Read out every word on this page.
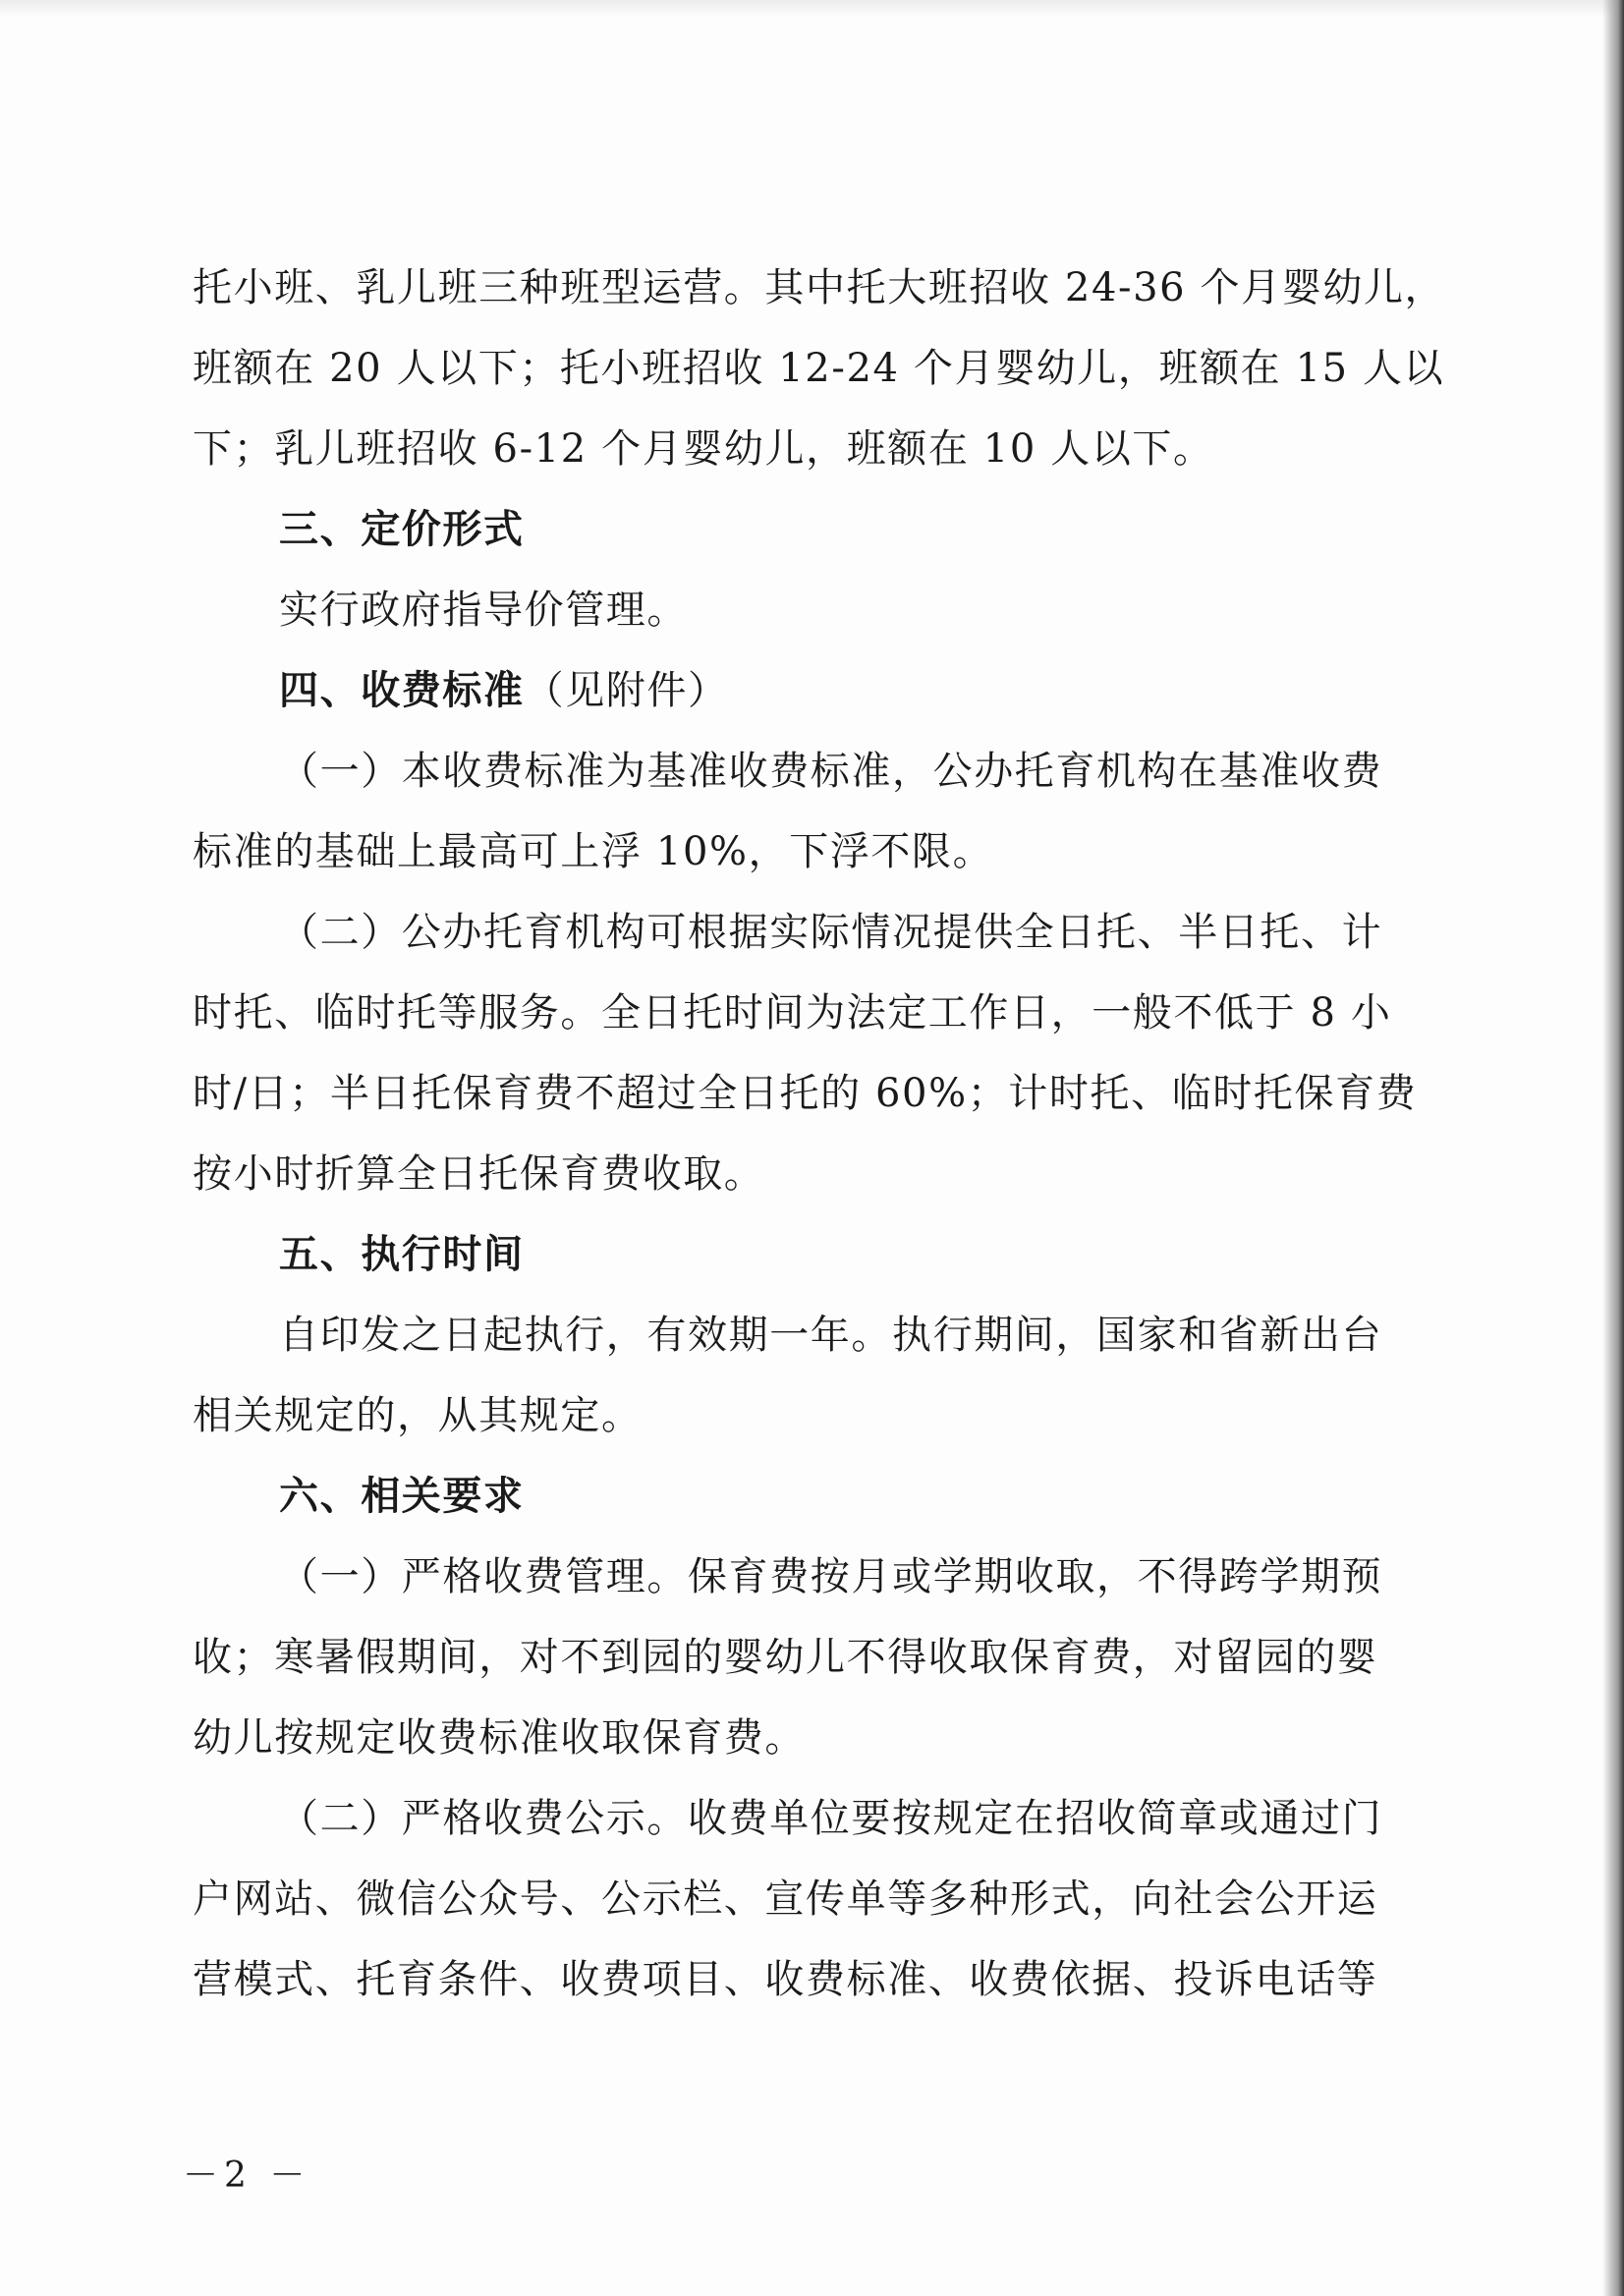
托小班、乳儿班三种班型运营。其中托大班招收 24-36 个月婴幼儿，
班额在 20 人以下；托小班招收 12-24 个月婴幼儿，班额在 15 人以
下；乳儿班招收 6-12 个月婴幼儿，班额在 10 人以下。
三、定价形式
实行政府指导价管理。
四、收费标准（见附件）
（一）本收费标准为基准收费标准，公办托育机构在基准收费
标准的基础上最高可上浮 10%，下浮不限。
（二）公办托育机构可根据实际情况提供全日托、半日托、计
时托、临时托等服务。全日托时间为法定工作日，一般不低于 8 小
时/日；半日托保育费不超过全日托的 60%；计时托、临时托保育费
按小时折算全日托保育费收取。
五、执行时间
自印发之日起执行，有效期一年。执行期间，国家和省新出台
相关规定的，从其规定。
六、相关要求
（一）严格收费管理。保育费按月或学期收取，不得跨学期预
收；寒暑假期间，对不到园的婴幼儿不得收取保育费，对留园的婴
幼儿按规定收费标准收取保育费。
（二）严格收费公示。收费单位要按规定在招收简章或通过门
户网站、微信公众号、公示栏、宣传单等多种形式，向社会公开运
营模式、托育条件、收费项目、收费标准、收费依据、投诉电话等
－2 －
